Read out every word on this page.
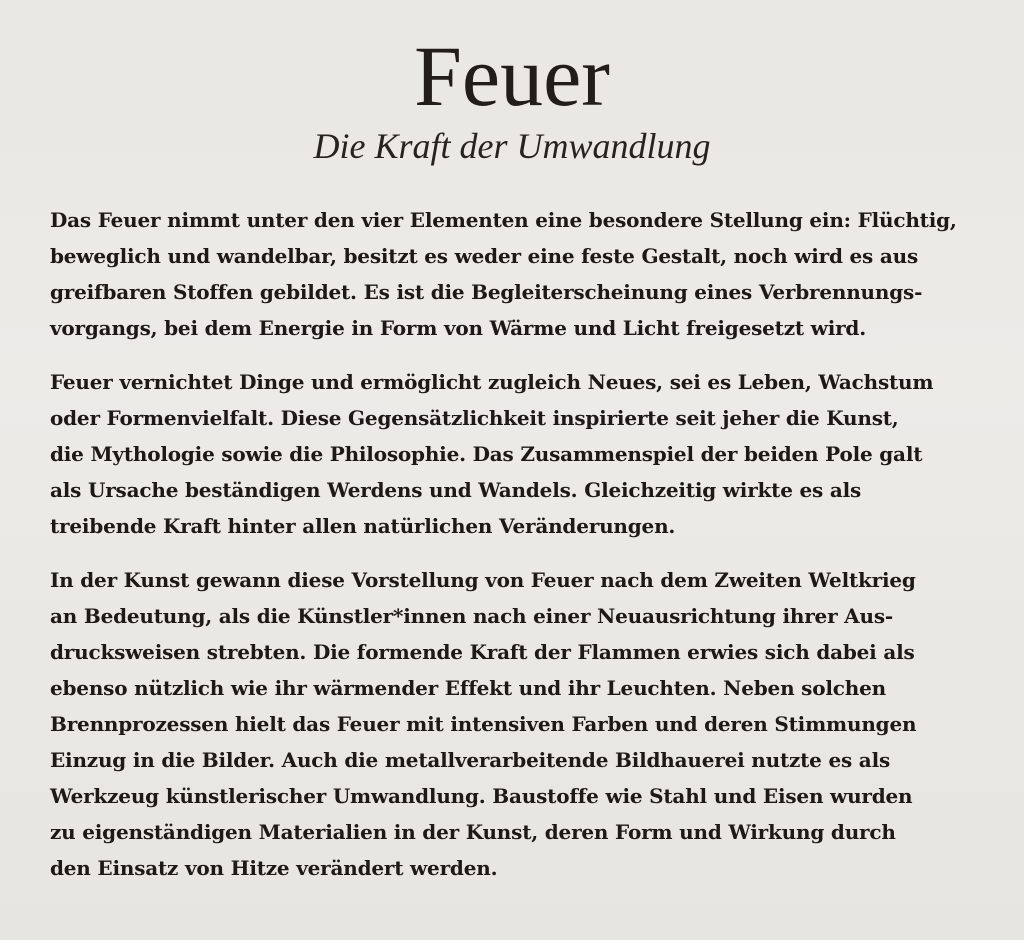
Feuer

Die Kraft der Umwandlung

Das Feuer nimmt unter den vier Elementen eine besondere Stellung ein: Flüchtig,
beweglich und wandelbar, besitzt es weder eine feste Gestalt, noch wird es aus
greifbaren Stoffen gebildet. Es ist die Begleiterscheinung eines Verbrennungs-
vorgangs, bei dem Energie in Form von Wärme und Licht freigesetzt wird.

Feuer vernichtet Dinge und ermöglicht zugleich Neues, sei es Leben, Wachstum
oder Formenvielfalt. Diese Gegensätzlichkeit inspirierte seit jeher die Kunst,
die Mythologie sowie die Philosophie. Das Zusammenspiel der beiden Pole galt
als Ursache beständigen Werdens und Wandels. Gleichzeitig wirkte es als
treibende Kraft hinter allen natürlichen Veränderungen.

In der Kunst gewann diese Vorstellung von Feuer nach dem Zweiten Weltkrieg
an Bedeutung, als die Künstler*innen nach einer Neuausrichtung ihrer Aus-
drucksweisen strebten. Die formende Kraft der Flammen erwies sich dabei als
ebenso nützlich wie ihr wärmender Effekt und ihr Leuchten. Neben solchen
Brennprozessen hielt das Feuer mit intensiven Farben und deren Stimmungen
Einzug in die Bilder. Auch die metallverarbeitende Bildhauerei nutzte es als
Werkzeug künstlerischer Umwandlung. Baustoffe wie Stahl und Eisen wurden
zu eigenständigen Materialien in der Kunst, deren Form und Wirkung durch
den Einsatz von Hitze verändert werden.
